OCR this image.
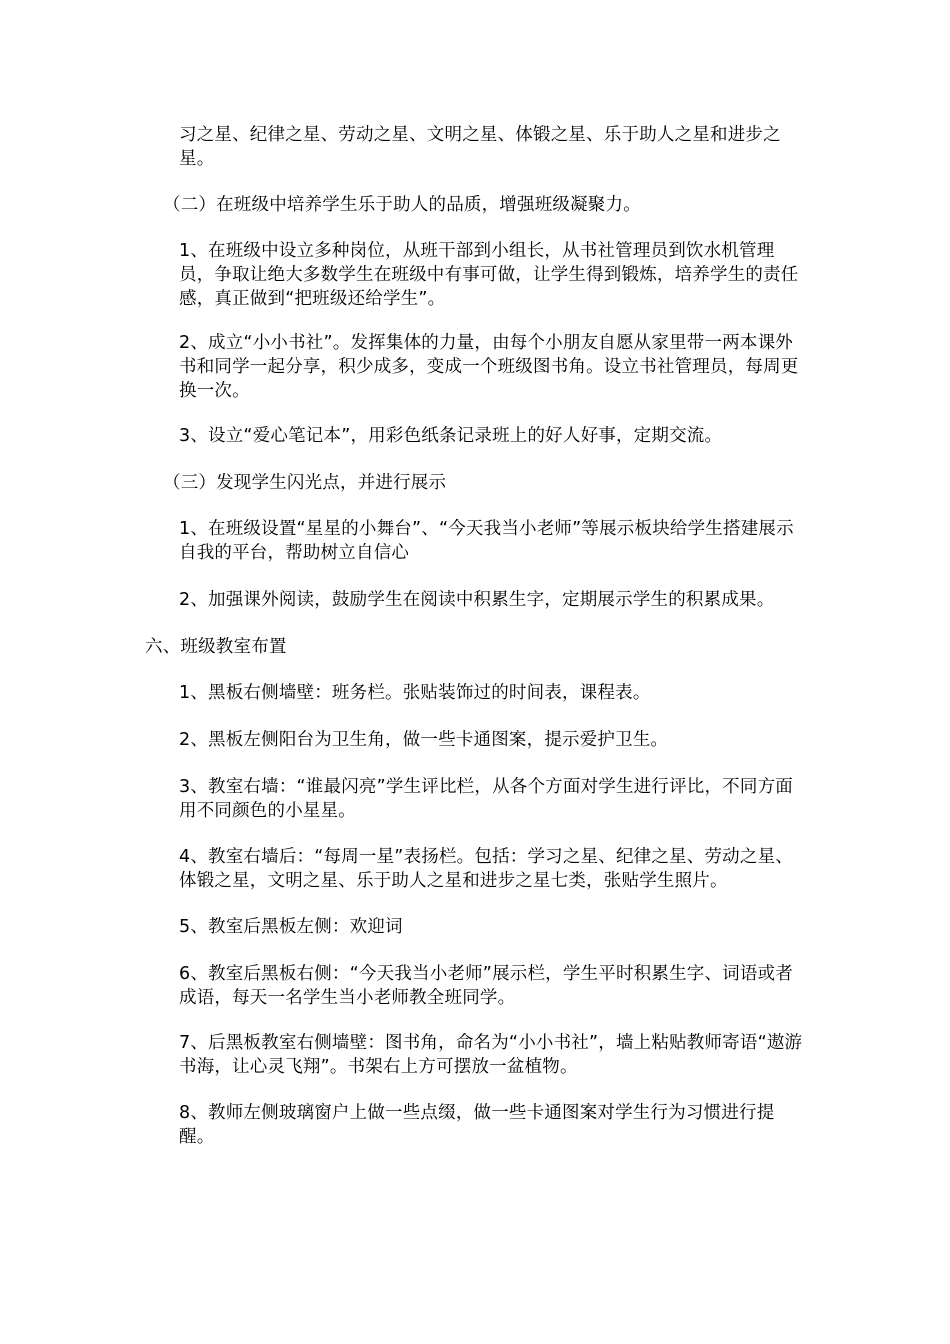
习之星、纪律之星、劳动之星、文明之星、体锻之星、乐于助人之星和进步之星。

（二）在班级中培养学生乐于助人的品质，增强班级凝聚力。

1、在班级中设立多种岗位，从班干部到小组长，从书社管理员到饮水机管理员，争取让绝大多数学生在班级中有事可做，让学生得到锻炼，培养学生的责任感，真正做到“把班级还给学生”。

2、成立“小小书社”。发挥集体的力量，由每个小朋友自愿从家里带一两本课外书和同学一起分享，积少成多，变成一个班级图书角。设立书社管理员，每周更换一次。

3、设立“爱心笔记本”，用彩色纸条记录班上的好人好事，定期交流。

（三）发现学生闪光点，并进行展示

1、在班级设置“星星的小舞台”、“今天我当小老师”等展示板块给学生搭建展示自我的平台，帮助树立自信心

2、加强课外阅读，鼓励学生在阅读中积累生字，定期展示学生的积累成果。

六、班级教室布置

1、黑板右侧墙壁：班务栏。张贴装饰过的时间表，课程表。

2、黑板左侧阳台为卫生角，做一些卡通图案，提示爱护卫生。

3、教室右墙：“谁最闪亮”学生评比栏，从各个方面对学生进行评比，不同方面用不同颜色的小星星。

4、教室右墙后：“每周一星”表扬栏。包括：学习之星、纪律之星、劳动之星、体锻之星，文明之星、乐于助人之星和进步之星七类，张贴学生照片。

5、教室后黑板左侧：欢迎词

6、教室后黑板右侧：“今天我当小老师”展示栏，学生平时积累生字、词语或者成语，每天一名学生当小老师教全班同学。

7、后黑板教室右侧墙壁：图书角，命名为“小小书社”，墙上粘贴教师寄语“遨游书海，让心灵飞翔”。书架右上方可摆放一盆植物。

8、教师左侧玻璃窗户上做一些点缀，做一些卡通图案对学生行为习惯进行提醒。
